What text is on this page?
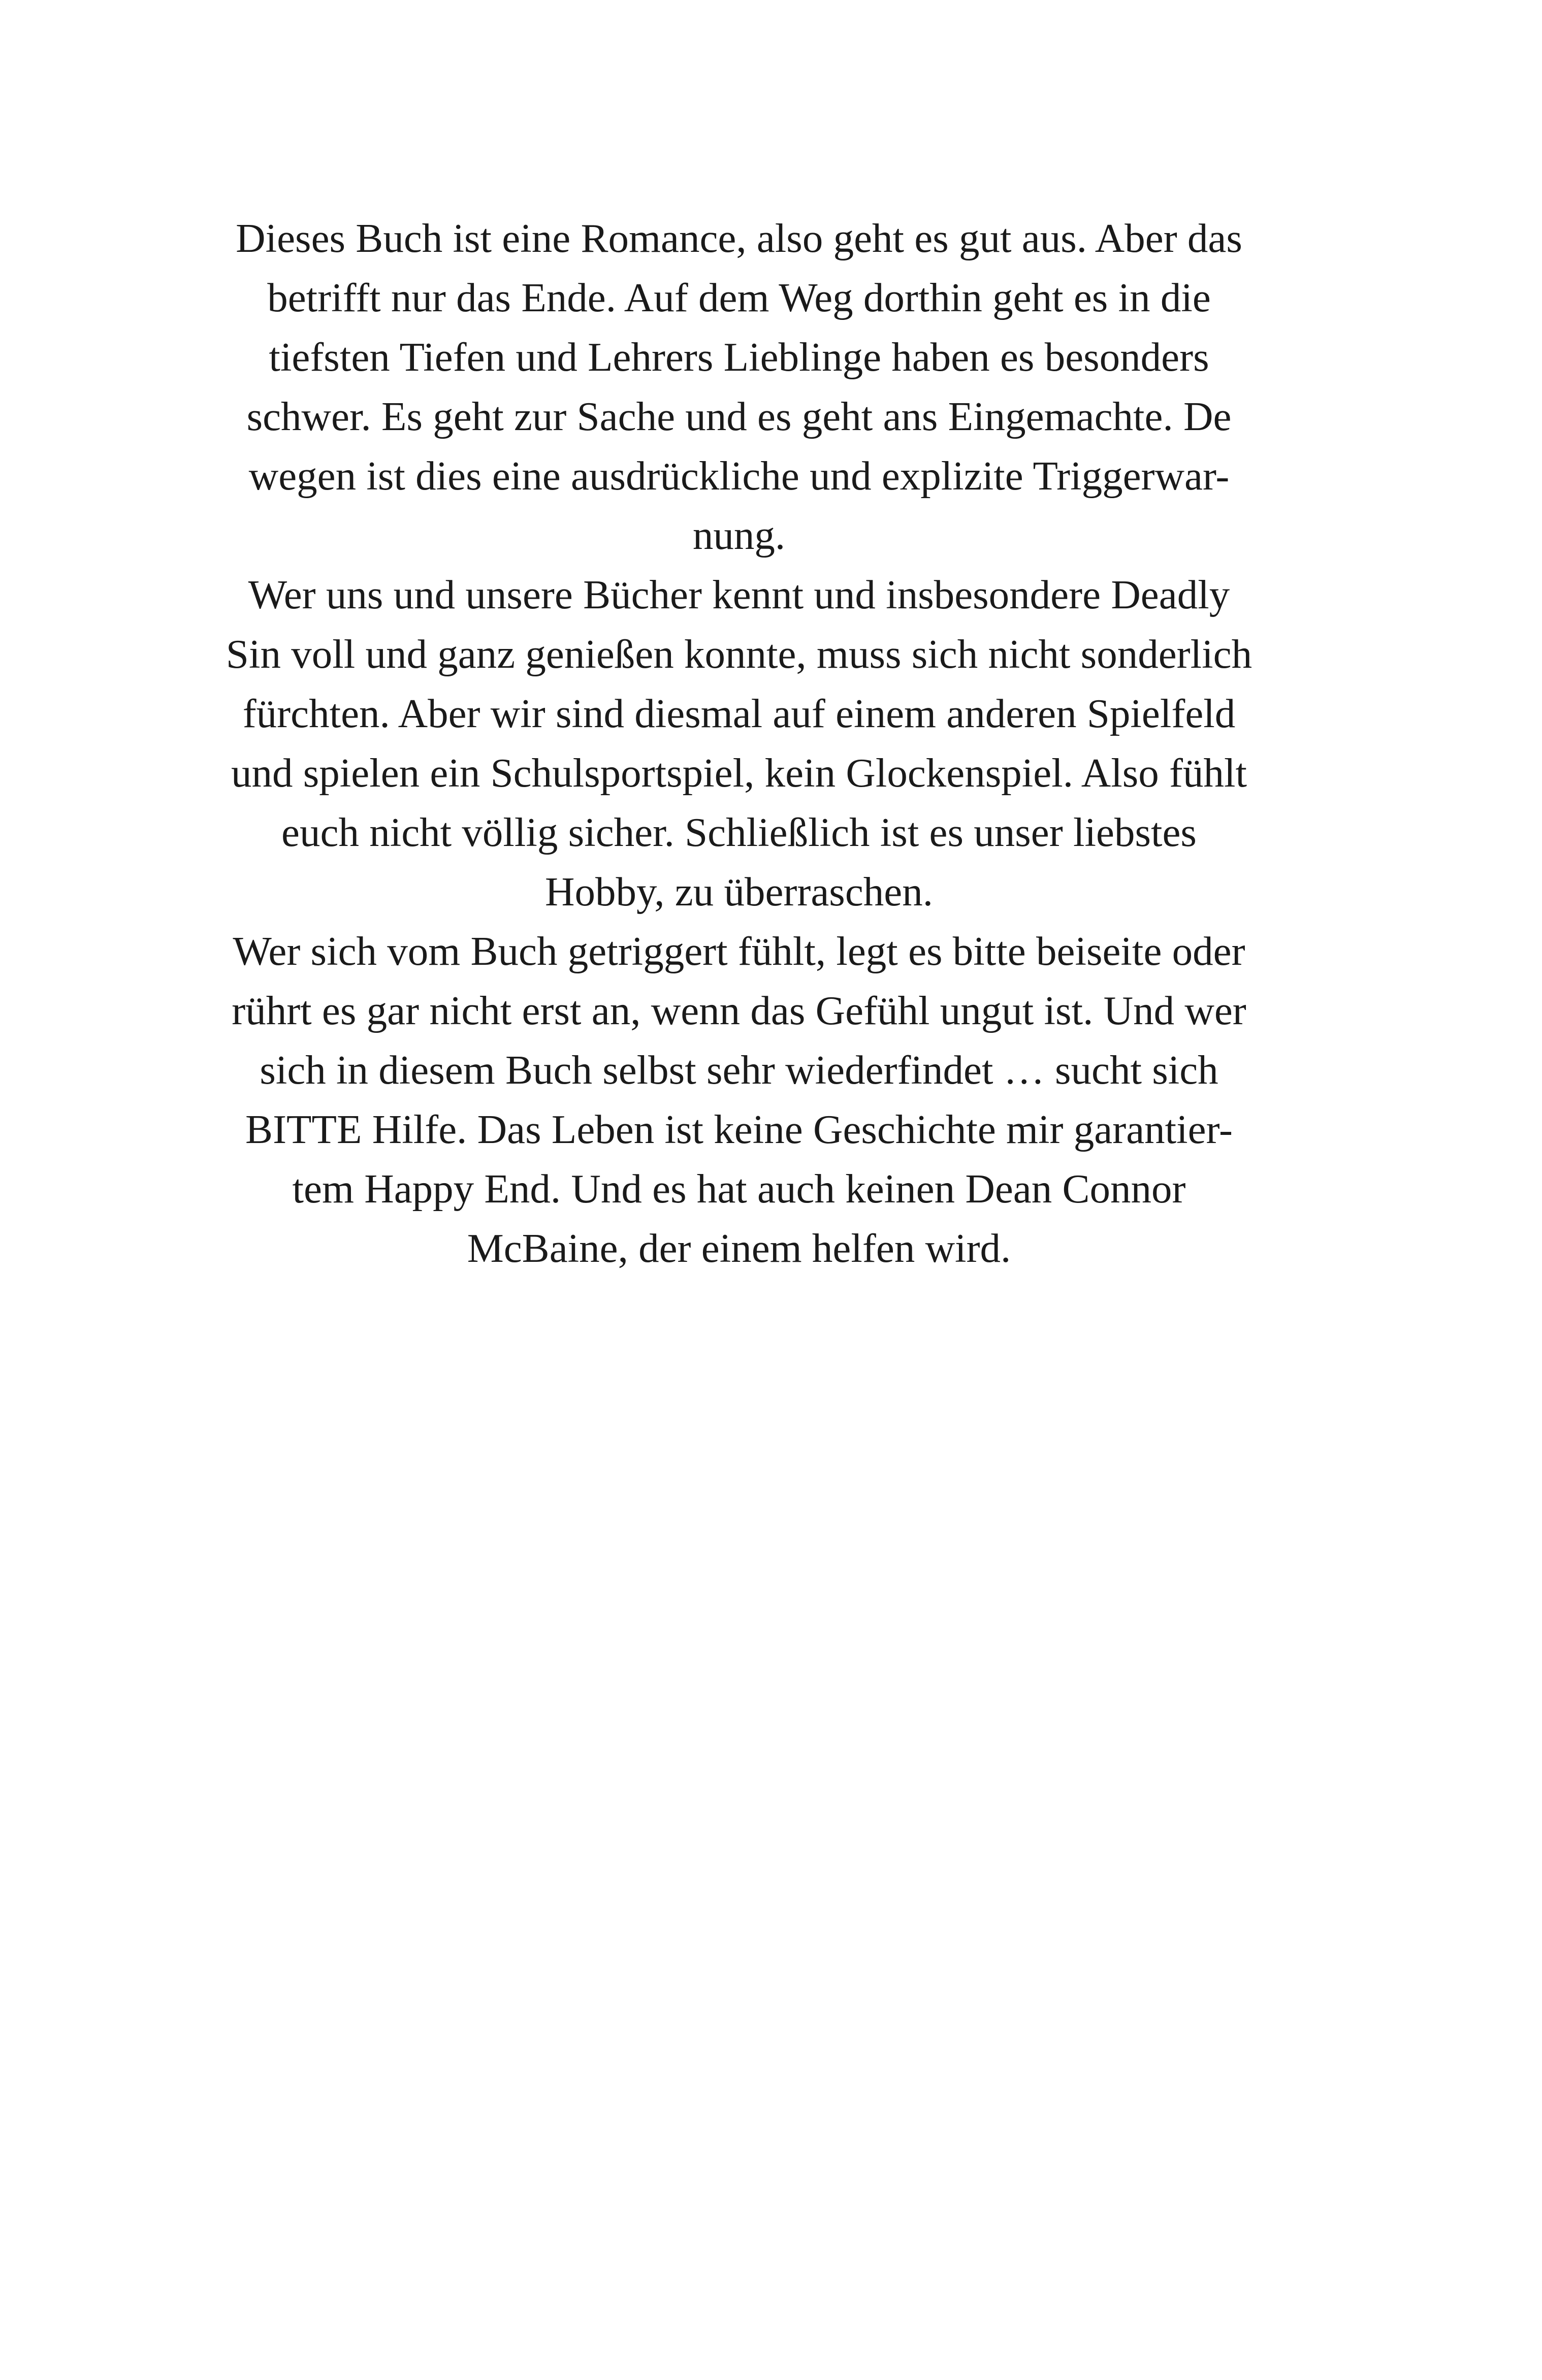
Dieses Buch ist eine Romance, also geht es gut aus. Aber das
betrifft nur das Ende. Auf dem Weg dorthin geht es in die
tiefsten Tiefen und Lehrers Lieblinge haben es besonders
schwer. Es geht zur Sache und es geht ans Eingemachte. De
wegen ist dies eine ausdrückliche und explizite Triggerwar-
nung.
Wer uns und unsere Bücher kennt und insbesondere Deadly
Sin voll und ganz genießen konnte, muss sich nicht sonderlich
fürchten. Aber wir sind diesmal auf einem anderen Spielfeld
und spielen ein Schulsportspiel, kein Glockenspiel. Also fühlt
euch nicht völlig sicher. Schließlich ist es unser liebstes
Hobby, zu überraschen.
Wer sich vom Buch getriggert fühlt, legt es bitte beiseite oder
rührt es gar nicht erst an, wenn das Gefühl ungut ist. Und wer
sich in diesem Buch selbst sehr wiederfindet … sucht sich
BITTE Hilfe. Das Leben ist keine Geschichte mir garantier-
tem Happy End. Und es hat auch keinen Dean Connor
McBaine, der einem helfen wird.
